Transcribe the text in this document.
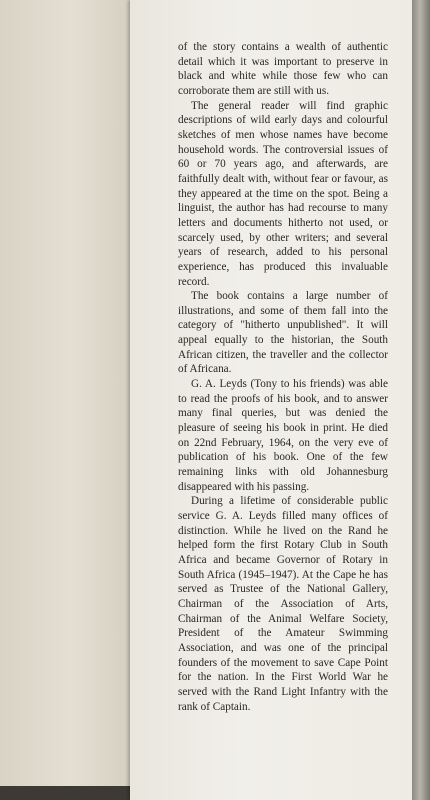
of the story contains a wealth of authentic detail which it was important to preserve in black and white while those few who can corroborate them are still with us.

The general reader will find graphic descriptions of wild early days and colourful sketches of men whose names have become household words. The controversial issues of 60 or 70 years ago, and afterwards, are faithfully dealt with, without fear or favour, as they appeared at the time on the spot. Being a linguist, the author has had recourse to many letters and documents hitherto not used, or scarcely used, by other writers; and several years of research, added to his personal experience, has produced this invaluable record.

The book contains a large number of illustrations, and some of them fall into the category of "hitherto unpublished". It will appeal equally to the historian, the South African citizen, the traveller and the collector of Africana.

G. A. Leyds (Tony to his friends) was able to read the proofs of his book, and to answer many final queries, but was denied the pleasure of seeing his book in print. He died on 22nd February, 1964, on the very eve of publication of his book. One of the few remaining links with old Johannesburg disappeared with his passing.

During a lifetime of considerable public service G. A. Leyds filled many offices of distinction. While he lived on the Rand he helped form the first Rotary Club in South Africa and became Governor of Rotary in South Africa (1945–1947). At the Cape he has served as Trustee of the National Gallery, Chairman of the Association of Arts, Chairman of the Animal Welfare Society, President of the Amateur Swimming Association, and was one of the principal founders of the movement to save Cape Point for the nation. In the First World War he served with the Rand Light Infantry with the rank of Captain.
